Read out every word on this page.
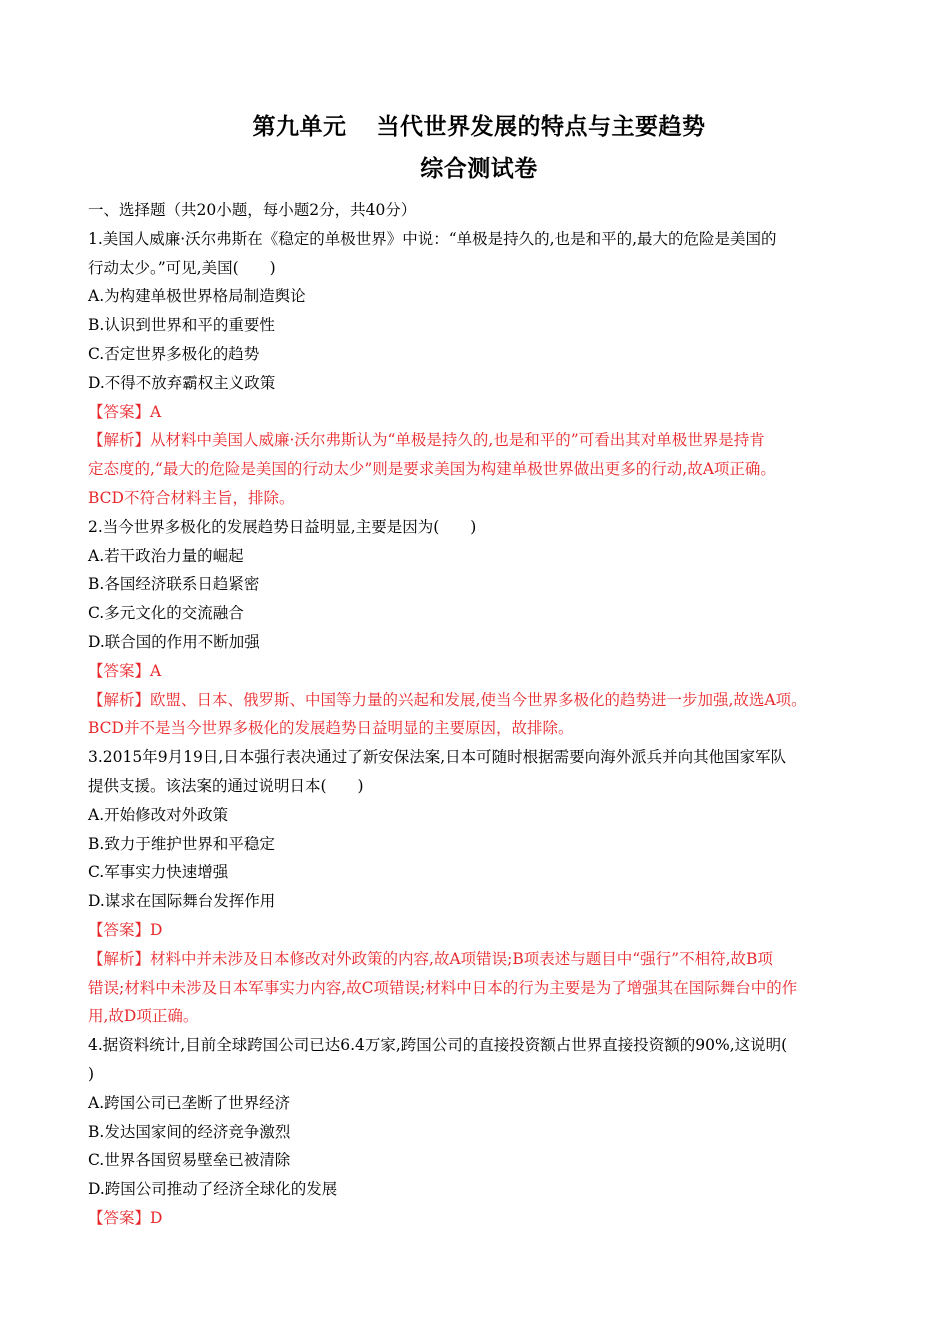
第九单元 当代世界发展的特点与主要趋势
综合测试卷
一、选择题（共20小题，每小题2分，共40分）
1.美国人威廉·沃尔弗斯在《稳定的单极世界》中说：“单极是持久的,也是和平的,最大的危险是美国的
行动太少。”可见,美国(　　)
A.为构建单极世界格局制造舆论
B.认识到世界和平的重要性
C.否定世界多极化的趋势
D.不得不放弃霸权主义政策
【答案】A
【解析】从材料中美国人威廉·沃尔弗斯认为“单极是持久的,也是和平的”可看出其对单极世界是持肯
定态度的,“最大的危险是美国的行动太少”则是要求美国为构建单极世界做出更多的行动,故A项正确。
BCD不符合材料主旨，排除。
2.当今世界多极化的发展趋势日益明显,主要是因为(　　)
A.若干政治力量的崛起
B.各国经济联系日趋紧密
C.多元文化的交流融合
D.联合国的作用不断加强
【答案】A
【解析】欧盟、日本、俄罗斯、中国等力量的兴起和发展,使当今世界多极化的趋势进一步加强,故选A项。
BCD并不是当今世界多极化的发展趋势日益明显的主要原因，故排除。
3.2015年9月19日,日本强行表决通过了新安保法案,日本可随时根据需要向海外派兵并向其他国家军队
提供支援。该法案的通过说明日本(　　)
A.开始修改对外政策
B.致力于维护世界和平稳定
C.军事实力快速增强
D.谋求在国际舞台发挥作用
【答案】D
【解析】材料中并未涉及日本修改对外政策的内容,故A项错误;B项表述与题目中“强行”不相符,故B项
错误;材料中未涉及日本军事实力内容,故C项错误;材料中日本的行为主要是为了增强其在国际舞台中的作
用,故D项正确。
4.据资料统计,目前全球跨国公司已达6.4万家,跨国公司的直接投资额占世界直接投资额的90%,这说明(
)
A.跨国公司已垄断了世界经济
B.发达国家间的经济竞争激烈
C.世界各国贸易壁垒已被清除
D.跨国公司推动了经济全球化的发展
【答案】D
